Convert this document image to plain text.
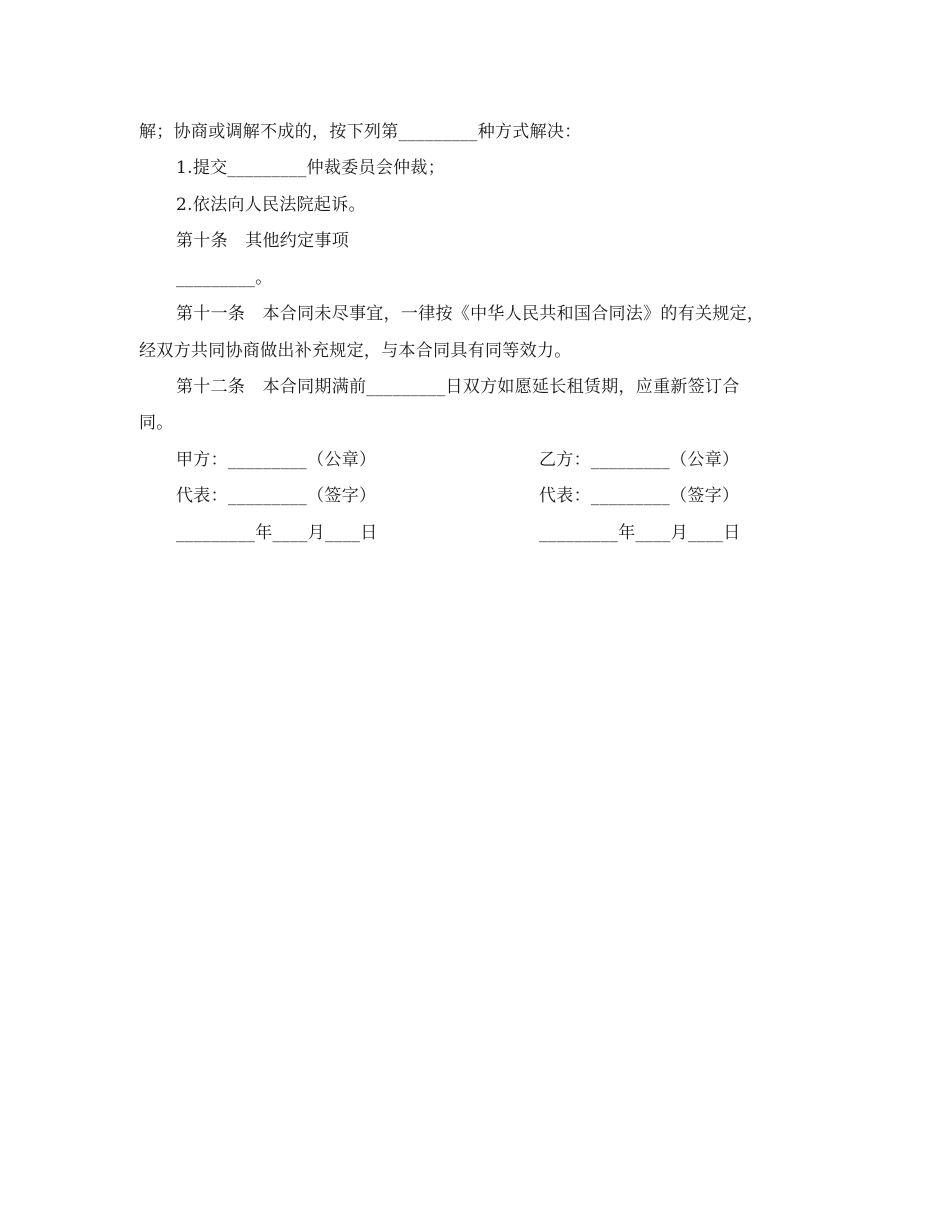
解；协商或调解不成的，按下列第_________种方式解决：
1.提交_________仲裁委员会仲裁；
2.依法向人民法院起诉。
第十条　其他约定事项
_________。
第十一条　本合同未尽事宜，一律按《中华人民共和国合同法》的有关规定，
经双方共同协商做出补充规定，与本合同具有同等效力。
第十二条　本合同期满前_________日双方如愿延长租赁期，应重新签订合
同。
甲方：_________（公章）	乙方：_________（公章）
代表：_________（签字）	代表：_________（签字）
_________年____月____日	_________年____月____日
